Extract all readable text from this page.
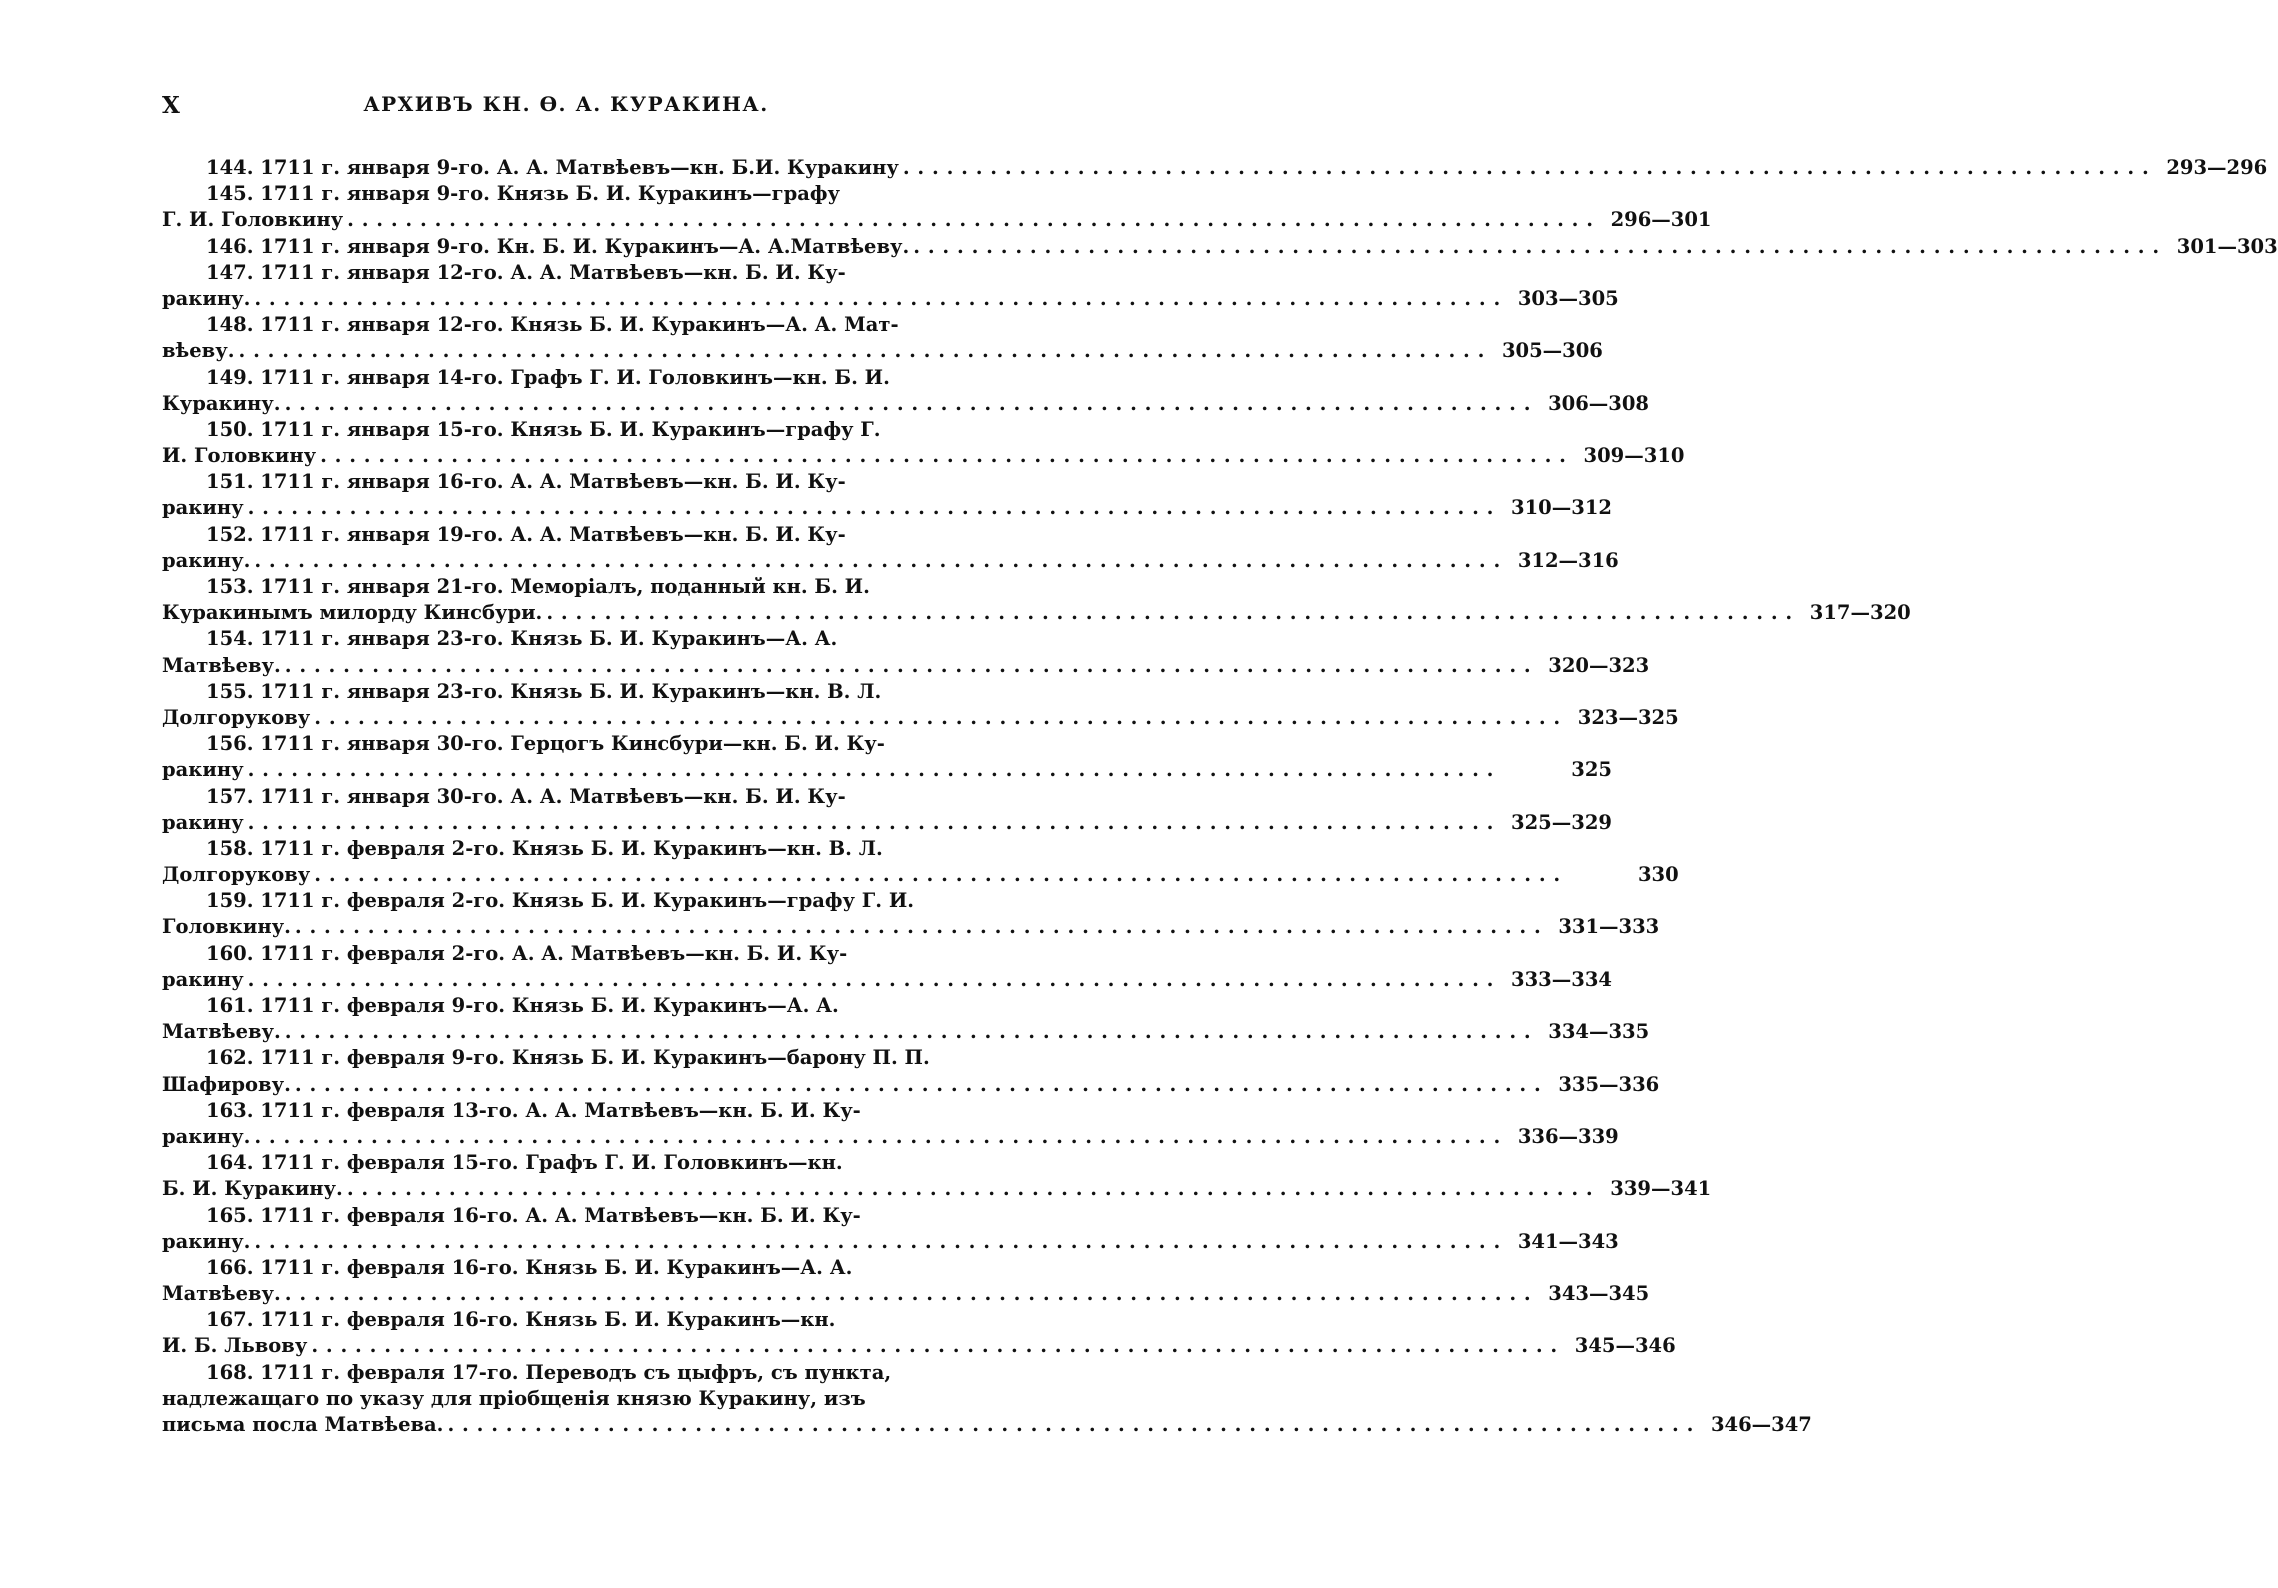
X	АРХИВЪ КН. Ѳ. А. КУРАКИНА.
144. 1711 г. января 9-го. А. А. Матвѣевъ—кн. Б.И. Куракину . . .	293—296
145. 1711 г. января 9-го. Князь Б. И. Куракинъ—графу
Г. И. Головкину . . .	296—301
146. 1711 г. января 9-го. Кн. Б. И. Куракинъ—А. А.Матвѣеву. . . .	301—303
147. 1711 г. января 12-го. А. А. Матвѣевъ—кн. Б. И. Ку-
ракину. . . .	303—305
148. 1711 г. января 12-го. Князь Б. И. Куракинъ—А. А. Мат-
вѣеву. . . .	305—306
149. 1711 г. января 14-го. Графъ Г. И. Головкинъ—кн. Б. И.
Куракину. . . .	306—308
150. 1711 г. января 15-го. Князь Б. И. Куракинъ—графу Г.
И. Головкину . . .	309—310
151. 1711 г. января 16-го. А. А. Матвѣевъ—кн. Б. И. Ку-
ракину . . .	310—312
152. 1711 г. января 19-го. А. А. Матвѣевъ—кн. Б. И. Ку-
ракину. . . .	312—316
153. 1711 г. января 21-го. Меморіалъ, поданный кн. Б. И.
Куракинымъ милорду Кинсбури. . . .	317—320
154. 1711 г. января 23-го. Князь Б. И. Куракинъ—А. А.
Матвѣеву. . . .	320—323
155. 1711 г. января 23-го. Князь Б. И. Куракинъ—кн. В. Л.
Долгорукову . . .	323—325
156. 1711 г. января 30-го. Герцогъ Кинсбури—кн. Б. И. Ку-
ракину . . .	325
157. 1711 г. января 30-го. А. А. Матвѣевъ—кн. Б. И. Ку-
ракину . . .	325—329
158. 1711 г. февраля 2-го. Князь Б. И. Куракинъ—кн. В. Л.
Долгорукову . . .	330
159. 1711 г. февраля 2-го. Князь Б. И. Куракинъ—графу Г. И.
Головкину. . . .	331—333
160. 1711 г. февраля 2-го. А. А. Матвѣевъ—кн. Б. И. Ку-
ракину . . .	333—334
161. 1711 г. февраля 9-го. Князь Б. И. Куракинъ—А. А.
Матвѣеву. . . .	334—335
162. 1711 г. февраля 9-го. Князь Б. И. Куракинъ—барону П. П.
Шафирову. . . .	335—336
163. 1711 г. февраля 13-го. А. А. Матвѣевъ—кн. Б. И. Ку-
ракину. . . .	336—339
164. 1711 г. февраля 15-го. Графъ Г. И. Головкинъ—кн.
Б. И. Куракину. . . .	339—341
165. 1711 г. февраля 16-го. А. А. Матвѣевъ—кн. Б. И. Ку-
ракину. . . .	341—343
166. 1711 г. февраля 16-го. Князь Б. И. Куракинъ—А. А.
Матвѣеву. . . .	343—345
167. 1711 г. февраля 16-го. Князь Б. И. Куракинъ—кн.
И. Б. Львову . . .	345—346
168. 1711 г. февраля 17-го. Переводъ съ цыфръ, съ пункта,
надлежащаго по указу для пріобщенія князю Куракину, изъ
письма посла Матвѣева. . . .	346—347
